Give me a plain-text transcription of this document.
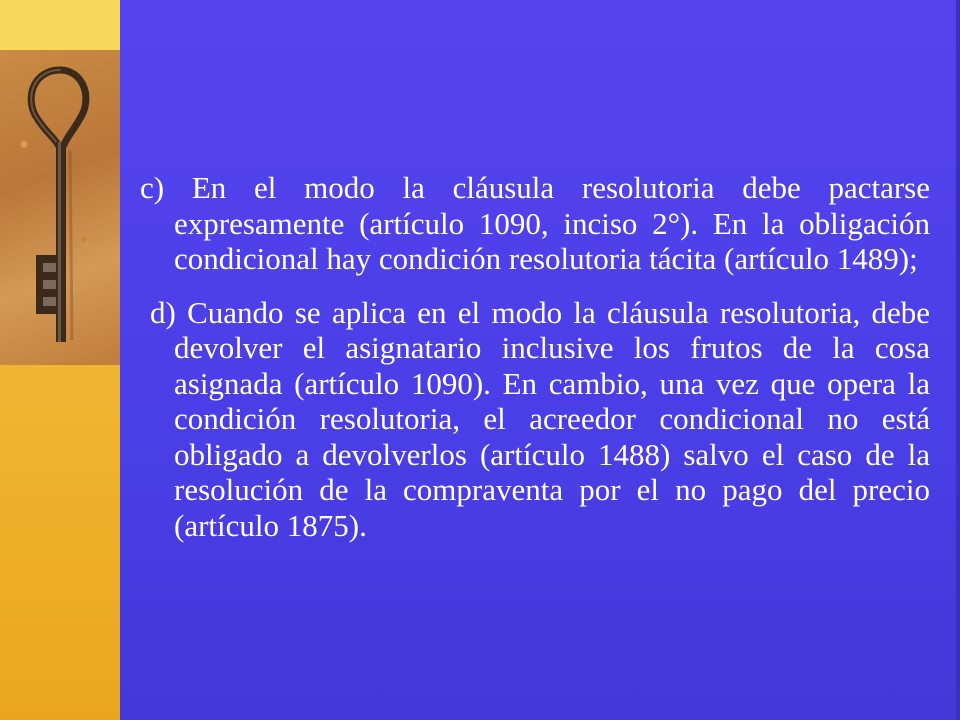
c) En el modo la cláusula resolutoria debe pactarse expresamente (artículo 1090, inciso 2°). En la obligación condicional hay condición resolutoria tácita (artículo 1489);

d) Cuando se aplica en el modo la cláusula resolutoria, debe devolver el asignatario inclusive los frutos de la cosa asignada (artículo 1090). En cambio, una vez que opera la condición resolutoria, el acreedor condicional no está obligado a devolverlos (artículo 1488) salvo el caso de la resolución de la compraventa por el no pago del precio (artículo 1875).
